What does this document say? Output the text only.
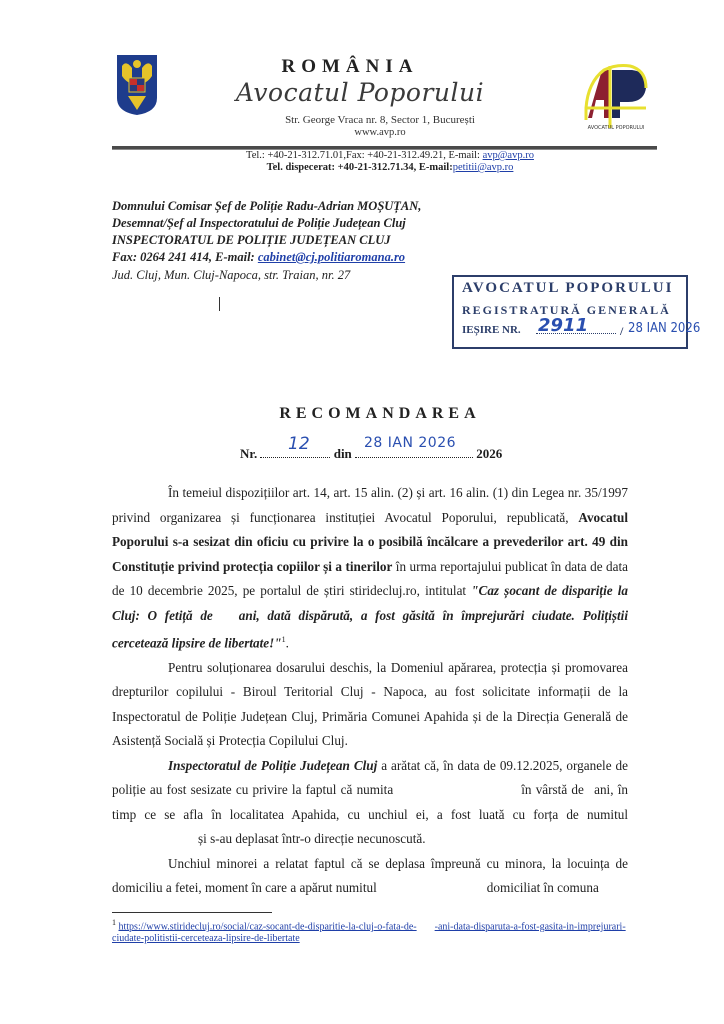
ROMÂNIA
Avocatul Poporului
Str. George Vraca nr. 8, Sector 1, București
www.avp.ro	AVOCATUL POPORULUI
Tel.: +40-21-312.71.01,Fax: +40-21-312.49.21, E-mail: avp@avp.ro
Tel. dispecerat: +40-21-312.71.34, E-mail:petitii@avp.ro
Domnului Comisar Șef de Poliție Radu-Adrian MOȘUȚAN,
Desemnat/Șef al Inspectoratului de Poliție Județean Cluj
INSPECTORATUL DE POLIȚIE JUDEȚEAN CLUJ
Fax: 0264 241 414, E-mail: cabinet@cj.politiaromana.ro
Jud. Cluj, Mun. Cluj-Napoca, str. Traian, nr. 27
AVOCATUL POPORULUI
REGISTRATURĂ GENERALĂ
IEȘIRE NR. 2911	/ 28 IAN 2026
RECOMANDAREA
Nr.	din	2026
12	28 IAN 2026

În temeiul dispozițiilor art. 14, art. 15 alin. (2) și art. 16 alin. (1) din Legea nr. 35/1997 privind organizarea și funcționarea instituției Avocatul Poporului, republicată, Avocatul Poporului s-a sesizat din oficiu cu privire la o posibilă încălcare a prevederilor art. 49 din Constituție privind protecția copiilor și a tinerilor în urma reportajului publicat în data de data de 10 decembrie 2025, pe portalul de știri stiridecluj.ro, intitulat "Caz șocant de dispariție la Cluj: O fetiță de ani, dată dispărută, a fost găsită în împrejurări ciudate. Polițiștii cercetează lipsire de libertate!"$^1$.

Pentru soluționarea dosarului deschis, la Domeniul apărarea, protecția și promovarea drepturilor copilului - Biroul Teritorial Cluj - Napoca, au fost solicitate informații de la Inspectoratul de Poliție Județean Cluj, Primăria Comunei Apahida și de la Direcția Generală de Asistență Socială și Protecția Copilului Cluj.

Inspectoratul de Poliție Județean Cluj a arătat că, în data de 09.12.2025, organele de poliție au fost sesizate cu privire la faptul că numita	în vârstă de ani, în timp ce se afla în localitatea Apahida, cu unchiul ei, a fost luată cu forța de numitulși s-au deplasat într-o direcție necunoscută.

Unchiul minorei a relatat faptul că se deplasa împreună cu minora, la locuința de domiciliu a fetei, moment în care a apărut numitul	domiciliat în comuna

$^1$ https://www.stiridecluj.ro/social/caz-socant-de-disparitie-la-cluj-o-fata-de- -ani-data-disparuta-a-fost-gasita-in-imprejurari-ciudate-politistii-cerceteaza-lipsire-de-libertate
